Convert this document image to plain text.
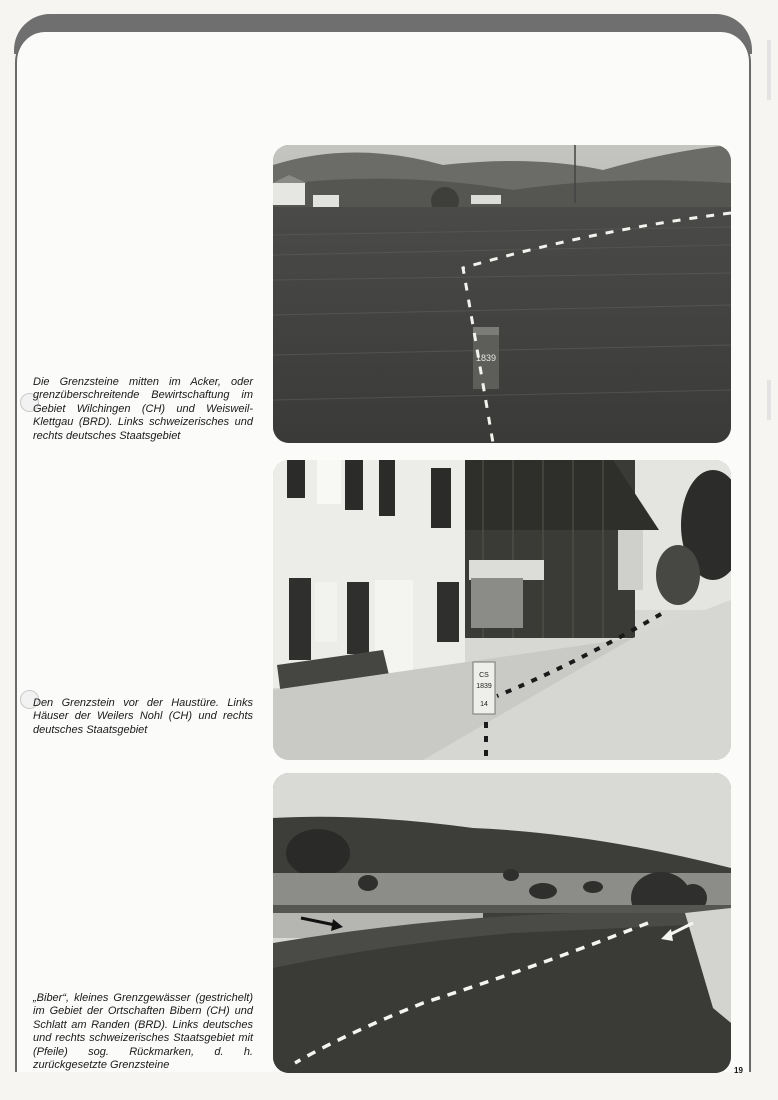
Die Grenzsteine mitten im Acker, oder grenzüberschreitende Bewirtschaftung im Gebiet Wilchingen (CH) und Weisweil-Klettgau (BRD). Links schweizerisches und rechts deutsches Staatsgebiet
1839
Den Grenzstein vor der Haustüre. Links Häuser der Weilers Nohl (CH) und rechts deutsches Staatsgebiet
CS
1839
14
„Biber“, kleines Grenzgewässer (gestrichelt) im Gebiet der Ortschaften Bibern (CH) und Schlatt am Randen (BRD). Links deutsches und rechts schweizerisches Staatsgebiet mit (Pfeile) sog. Rückmarken, d. h. zurückgesetzte Grenzsteine	19
